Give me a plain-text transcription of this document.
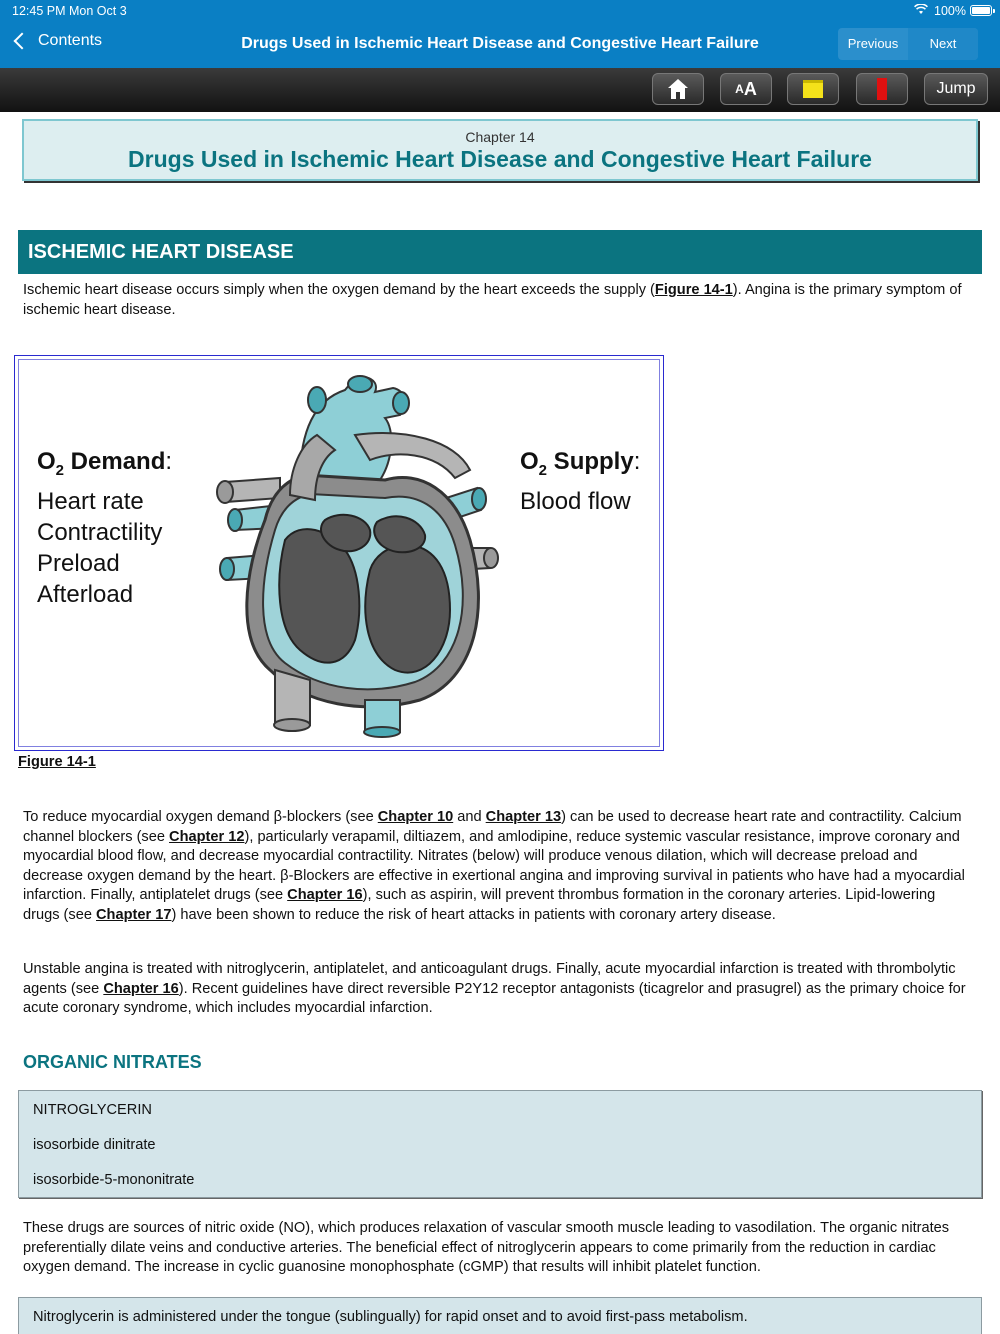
12:45 PM Mon Oct 3	100%
Contents	Drugs Used in Ischemic Heart Disease and Congestive Heart Failure	Previous	Next
A A	Jump
Chapter 14
Drugs Used in Ischemic Heart Disease and Congestive Heart Failure
ISCHEMIC HEART DISEASE
Ischemic heart disease occurs simply when the oxygen demand by the heart exceeds the supply (Figure 14-1). Angina is the primary symptom of ischemic heart disease.
$O_2$ Demand:
Heart rate
Contractility
Preload
Afterload
$O_2$ Supply:
Blood flow
Figure 14-1
To reduce myocardial oxygen demand β-blockers (see Chapter 10 and Chapter 13) can be used to decrease heart rate and contractility. Calcium channel blockers (see Chapter 12), particularly verapamil, diltiazem, and amlodipine, reduce systemic vascular resistance, improve coronary and myocardial blood flow, and decrease myocardial contractility. Nitrates (below) will produce venous dilation, which will decrease preload and decrease oxygen demand by the heart. β-Blockers are effective in exertional angina and improving survival in patients who have had a myocardial infarction. Finally, antiplatelet drugs (see Chapter 16), such as aspirin, will prevent thrombus formation in the coronary arteries. Lipid-lowering drugs (see Chapter 17) have been shown to reduce the risk of heart attacks in patients with coronary artery disease.
Unstable angina is treated with nitroglycerin, antiplatelet, and anticoagulant drugs. Finally, acute myocardial infarction is treated with thrombolytic agents (see Chapter 16). Recent guidelines have direct reversible P2Y12 receptor antagonists (ticagrelor and prasugrel) as the primary choice for acute coronary syndrome, which includes myocardial infarction.
ORGANIC NITRATES
NITROGLYCERIN
isosorbide dinitrate
isosorbide-5-mononitrate
These drugs are sources of nitric oxide (NO), which produces relaxation of vascular smooth muscle leading to vasodilation. The organic nitrates preferentially dilate veins and conductive arteries. The beneficial effect of nitroglycerin appears to come primarily from the reduction in cardiac oxygen demand. The increase in cyclic guanosine monophosphate (cGMP) that results will inhibit platelet function.
Nitroglycerin is administered under the tongue (sublingually) for rapid onset and to avoid first-pass metabolism.
